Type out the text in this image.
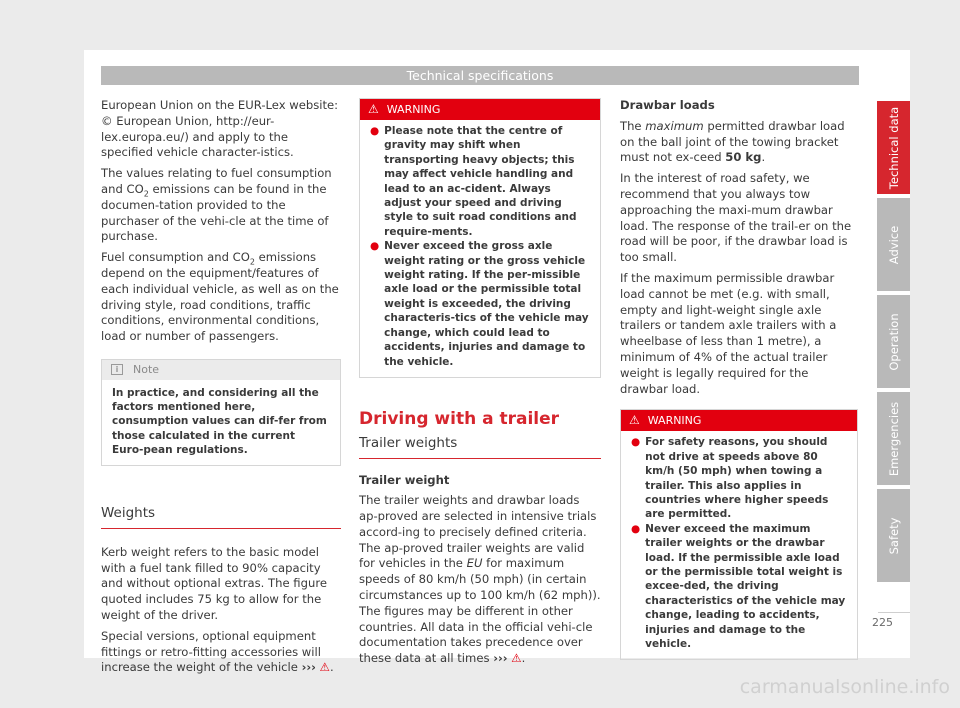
Technical specifications

European Union on the EUR-Lex website: © European Union, http://eur-lex.europa.eu/) and apply to the specified vehicle character-istics.

The values relating to fuel consumption and $CO_2$ emissions can be found in the documen-tation provided to the purchaser of the vehi-cle at the time of purchase.

Fuel consumption and $CO_2$ emissions depend on the equipment/features of each individual vehicle, as well as on the driving style, road conditions, traffic conditions, environmental conditions, load or number of passengers.

i Note
In practice, and considering all the factors mentioned here, consumption values can dif-fer from those calculated in the current Euro-pean regulations.
Weights

Kerb weight refers to the basic model with a fuel tank filled to 90% capacity and without optional extras. The figure quoted includes 75 kg to allow for the weight of the driver.

Special versions, optional equipment fittings or retro-fitting accessories will increase the weight of the vehicle ››› ⚠.

⚠ WARNING
● Please note that the centre of gravity may shift when transporting heavy objects; this may affect vehicle handling and lead to an ac-cident. Always adjust your speed and driving style to suit road conditions and require-ments.
● Never exceed the gross axle weight rating or the gross vehicle weight rating. If the per-missible axle load or the permissible total weight is exceeded, the driving characteris-tics of the vehicle may change, which could lead to accidents, injuries and damage to the vehicle.
Driving with a trailer
Trailer weights

Trailer weight

The trailer weights and drawbar loads ap-proved are selected in intensive trials accord-ing to precisely defined criteria. The ap-proved trailer weights are valid for vehicles in the EU for maximum speeds of 80 km/h (50 mph) (in certain circumstances up to 100 km/h (62 mph)). The figures may be different in other countries. All data in the official vehi-cle documentation takes precedence over these data at all times ››› ⚠.

Drawbar loads

The maximum permitted drawbar load on the ball joint of the towing bracket must not ex-ceed 50 kg.

In the interest of road safety, we recommend that you always tow approaching the maxi-mum drawbar load. The response of the trail-er on the road will be poor, if the drawbar load is too small.

If the maximum permissible drawbar load cannot be met (e.g. with small, empty and light-weight single axle trailers or tandem axle trailers with a wheelbase of less than 1 metre), a minimum of 4% of the actual trailer weight is legally required for the drawbar load.

⚠ WARNING
● For safety reasons, you should not drive at speeds above 80 km/h (50 mph) when towing a trailer. This also applies in countries where higher speeds are permitted.
● Never exceed the maximum trailer weights or the drawbar load. If the permissible axle load or the permissible total weight is excee-ded, the driving characteristics of the vehicle may change, leading to accidents, injuries and damage to the vehicle.
Technical data
Advice
Operation
Emergencies
Safety
225
carmanualsonline.info
